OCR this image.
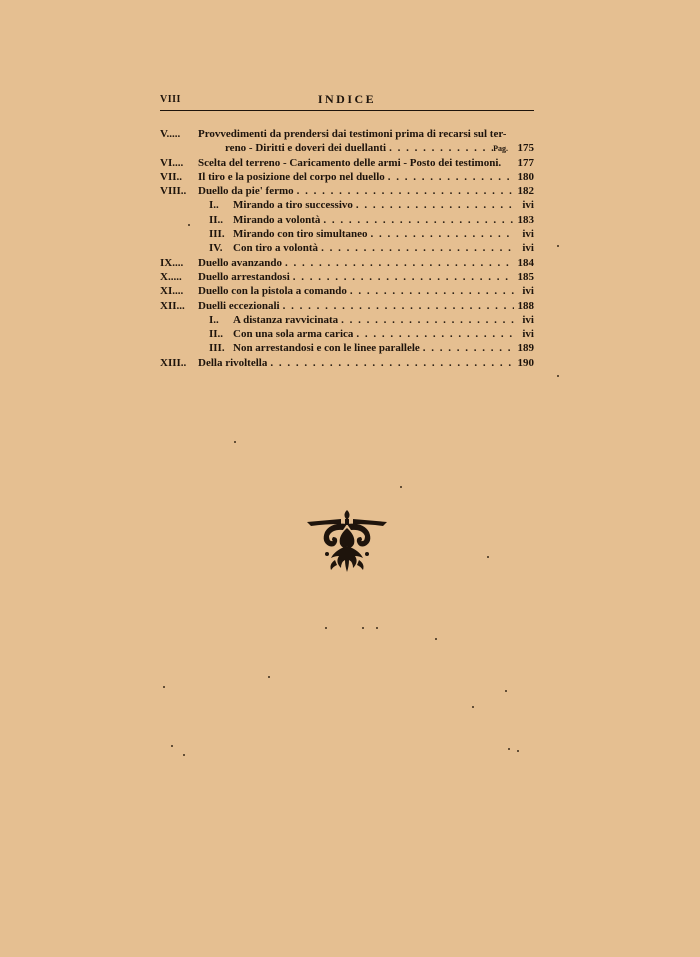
VIII	INDICE
V..... Provvedimenti da prendersi dai testimoni prima di recarsi sul ter-
reno - Diritti e doveri dei duellanti . . .	Pag. 175
VI.... Scelta del terreno - Caricamento delle armi - Posto dei testimoni.	177
VII.. Il tiro e la posizione del corpo nel duello . . .	180
VIII.. Duello da pie' fermo . . .	182
I.. Mirando a tiro successivo . . .	ivi
II.. Mirando a volontà . . .	183
III. Mirando con tiro simultaneo . . .	ivi
IV. Con tiro a volontà . . .	ivi
IX.... Duello avanzando . . .	184
X..... Duello arrestandosi . . .	185
XI.... Duello con la pistola a comando . . .	ivi
XII... Duelli eccezionali . . .	188
I.. A distanza ravvicinata . . .	ivi
II.. Con una sola arma carica . . .	ivi
III. Non arrestandosi e con le linee parallele . . .	189
XIII.. Della rivoltella . . .	190
